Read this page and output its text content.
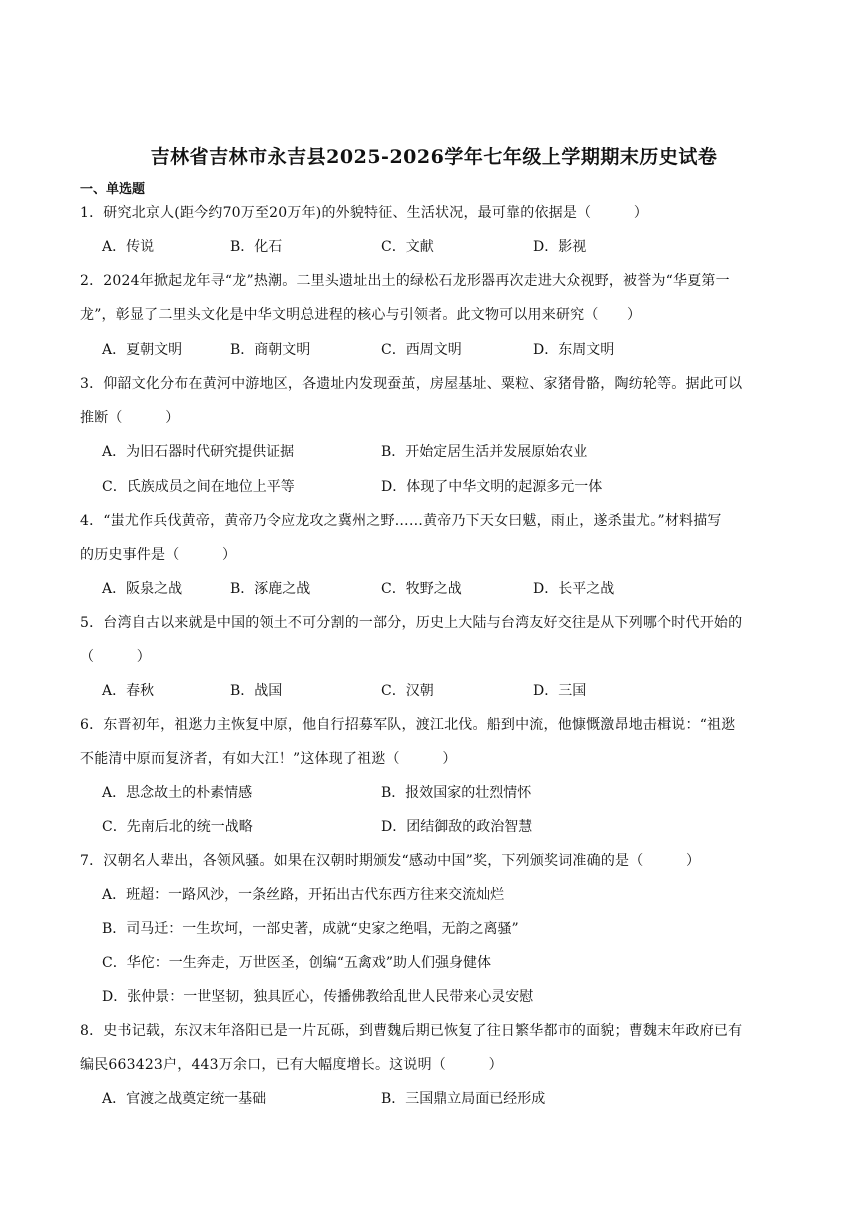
吉林省吉林市永吉县2025-2026学年七年级上学期期末历史试卷
一、单选题
1．研究北京人(距今约70万至20万年)的外貌特征、生活状况，最可靠的依据是（　　　）
A．传说	B．化石	C．文献	D．影视
2．2024年掀起龙年寻“龙”热潮。二里头遗址出土的绿松石龙形器再次走进大众视野，被誉为“华夏第一
龙”，彰显了二里头文化是中华文明总进程的核心与引领者。此文物可以用来研究（　　）
A．夏朝文明	B．商朝文明	C．西周文明	D．东周文明
3．仰韶文化分布在黄河中游地区，各遗址内发现蚕茧，房屋基址、粟粒、家猪骨骼，陶纺轮等。据此可以
推断（　　　）
A．为旧石器时代研究提供证据	B．开始定居生活并发展原始农业
C．氏族成员之间在地位上平等	D．体现了中华文明的起源多元一体
4．“蚩尤作兵伐黄帝，黄帝乃令应龙攻之冀州之野……黄帝乃下天女曰魃，雨止，遂杀蚩尤。”材料描写
的历史事件是（　　　）
A．阪泉之战	B．涿鹿之战	C．牧野之战	D．长平之战
5．台湾自古以来就是中国的领土不可分割的一部分，历史上大陆与台湾友好交往是从下列哪个时代开始的
（　　　）
A．春秋	B．战国	C．汉朝	D．三国
6．东晋初年，祖逖力主恢复中原，他自行招募军队，渡江北伐。船到中流，他慷慨激昂地击楫说：“祖逖
不能清中原而复济者，有如大江！”这体现了祖逖（　　　）
A．思念故土的朴素情感	B．报效国家的壮烈情怀
C．先南后北的统一战略	D．团结御敌的政治智慧
7．汉朝名人辈出，各领风骚。如果在汉朝时期颁发“感动中国”奖，下列颁奖词准确的是（　　　）
A．班超：一路风沙，一条丝路，开拓出古代东西方往来交流灿烂
B．司马迁：一生坎坷，一部史著，成就“史家之绝唱，无韵之离骚”
C．华佗：一生奔走，万世医圣，创编“五禽戏”助人们强身健体
D．张仲景：一世坚韧，独具匠心，传播佛教给乱世人民带来心灵安慰
8．史书记载，东汉末年洛阳已是一片瓦砾，到曹魏后期已恢复了往日繁华都市的面貌；曹魏末年政府已有
编民663423户，443万余口，已有大幅度增长。这说明（　　　）
A．官渡之战奠定统一基础	B．三国鼎立局面已经形成
